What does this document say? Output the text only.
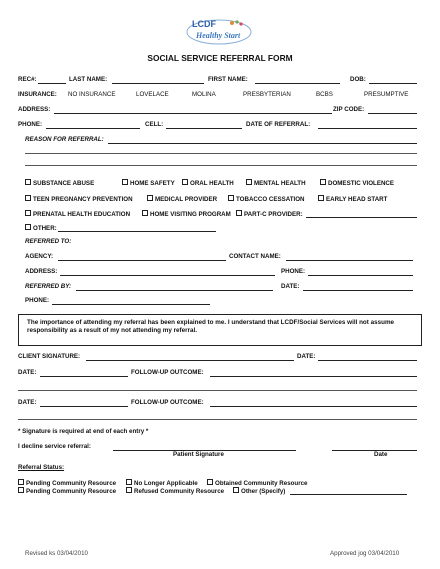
LCDF
Healthy Start
SOCIAL SERVICE REFERRAL FORM
REC#:	LAST NAME:	FIRST NAME:	DOB:
INSURANCE: NO INSURANCE	LOVELACE	MOLINA	PRESBYTERIAN	BCBS	PRESUMPTIVE
ADDRESS:	ZIP CODE:
PHONE:	CELL:	DATE OF REFERRAL:
REASON FOR REFERRAL:
SUBSTANCE ABUSE	HOME SAFETY	ORAL HEALTH	MENTAL HEALTH	DOMESTIC VIOLENCE
TEEN PREGNANCY PREVENTION	MEDICAL PROVIDER	TOBACCO CESSATION	EARLY HEAD START
PRENATAL HEALTH EDUCATION	HOME VISITING PROGRAM	PART-C PROVIDER:
OTHER:
REFERRED TO:
AGENCY:	CONTACT NAME:
ADDRESS:	PHONE:
REFERRED BY:	DATE:
PHONE:
The importance of attending my referral has been explained to me. I understand that LCDF/Social Services will not assume responsibility as a result of my not attending my referral.
CLIENT SIGNATURE:	DATE:
DATE:	FOLLOW-UP OUTCOME:
DATE:	FOLLOW-UP OUTCOME:
* Signature is required at end of each entry *
I decline service referral:
Patient Signature	Date
Referral Status:
Pending Community Resource	No Longer Applicable	Obtained Community Resource
Pending Community Resource	Refused Community Resource	Other (Specify)
Revised ks 03/04/2010	Approved jog 03/04/2010
